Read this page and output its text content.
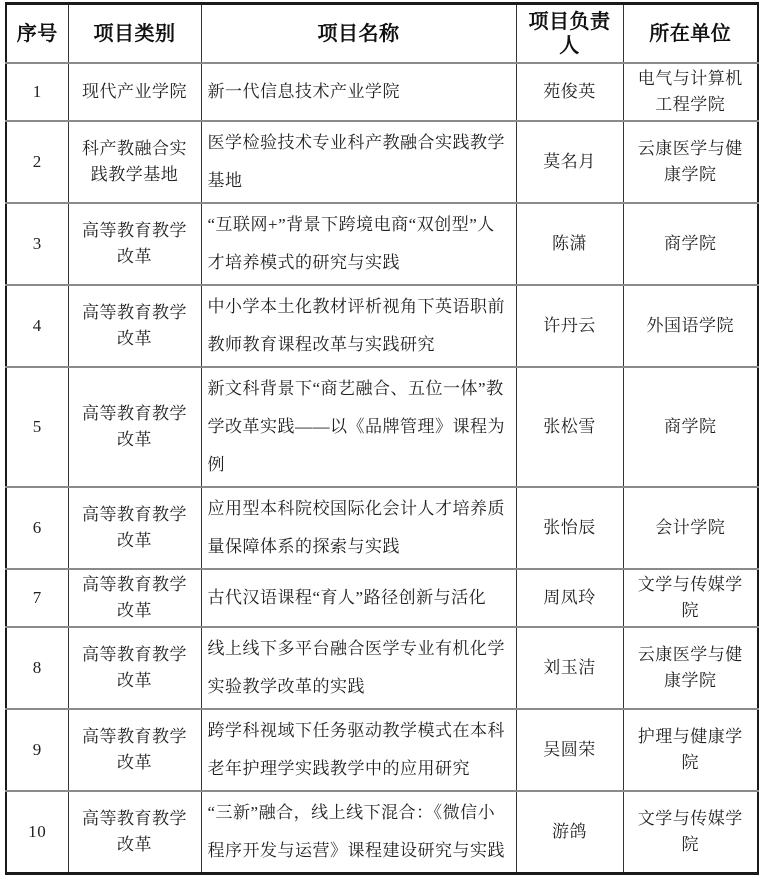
序号	项目类别	项目名称	项目负责人	所在单位
1	现代产业学院	新一代信息技术产业学院	苑俊英	电气与计算机工程学院
2	科产教融合实践教学基地	医学检验技术专业科产教融合实践教学基地	莫名月	云康医学与健康学院
3	高等教育教学改革	“互联网+”背景下跨境电商“双创型”人才培养模式的研究与实践	陈潇	商学院
4	高等教育教学改革	中小学本土化教材评析视角下英语职前教师教育课程改革与实践研究	许丹云	外国语学院
5	高等教育教学改革	新文科背景下“商艺融合、五位一体”教学改革实践——以《品牌管理》课程为例	张松雪	商学院
6	高等教育教学改革	应用型本科院校国际化会计人才培养质量保障体系的探索与实践	张怡辰	会计学院
7	高等教育教学改革	古代汉语课程“育人”路径创新与活化	周凤玲	文学与传媒学院
8	高等教育教学改革	线上线下多平台融合医学专业有机化学实验教学改革的实践	刘玉洁	云康医学与健康学院
9	高等教育教学改革	跨学科视域下任务驱动教学模式在本科老年护理学实践教学中的应用研究	吴圆荣	护理与健康学院
10	高等教育教学改革	“三新”融合，线上线下混合：《微信小程序开发与运营》课程建设研究与实践	游鸽	文学与传媒学院
